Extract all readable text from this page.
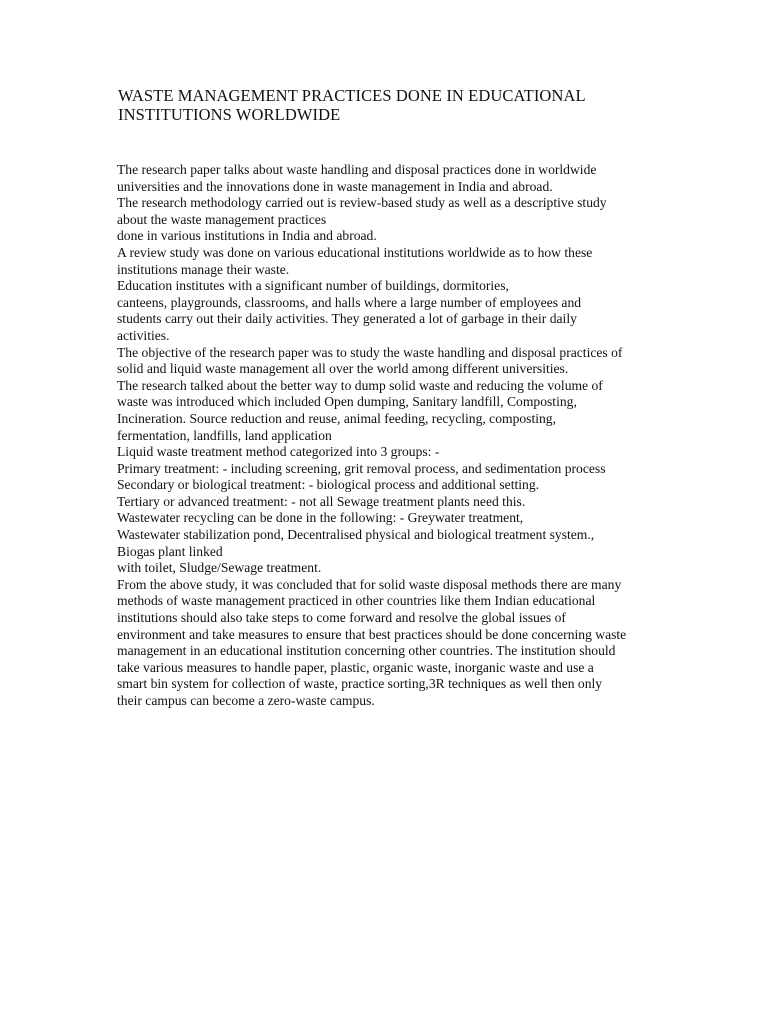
WASTE MANAGEMENT PRACTICES DONE IN EDUCATIONAL
INSTITUTIONS WORLDWIDE
The research paper talks about waste handling and disposal practices done in worldwide
universities and the innovations done in waste management in India and abroad.
The research methodology carried out is review-based study as well as a descriptive study
about the waste management practices
done in various institutions in India and abroad.
A review study was done on various educational institutions worldwide as to how these
institutions manage their waste.
Education institutes with a significant number of buildings, dormitories,
canteens, playgrounds, classrooms, and halls where a large number of employees and
students carry out their daily activities. They generated a lot of garbage in their daily
activities.
The objective of the research paper was to study the waste handling and disposal practices of
solid and liquid waste management all over the world among different universities.
The research talked about the better way to dump solid waste and reducing the volume of
waste was introduced which included Open dumping, Sanitary landfill, Composting,
Incineration. Source reduction and reuse, animal feeding, recycling, composting,
fermentation, landfills, land application
Liquid waste treatment method categorized into 3 groups: -
Primary treatment: - including screening, grit removal process, and sedimentation process
Secondary or biological treatment: - biological process and additional setting.
Tertiary or advanced treatment: - not all Sewage treatment plants need this.
Wastewater recycling can be done in the following: - Greywater treatment,
Wastewater stabilization pond, Decentralised physical and biological treatment system.,
Biogas plant linked
with toilet, Sludge/Sewage treatment.
From the above study, it was concluded that for solid waste disposal methods there are many
methods of waste management practiced in other countries like them Indian educational
institutions should also take steps to come forward and resolve the global issues of
environment and take measures to ensure that best practices should be done concerning waste
management in an educational institution concerning other countries. The institution should
take various measures to handle paper, plastic, organic waste, inorganic waste and use a
smart bin system for collection of waste, practice sorting,3R techniques as well then only
their campus can become a zero-waste campus.
